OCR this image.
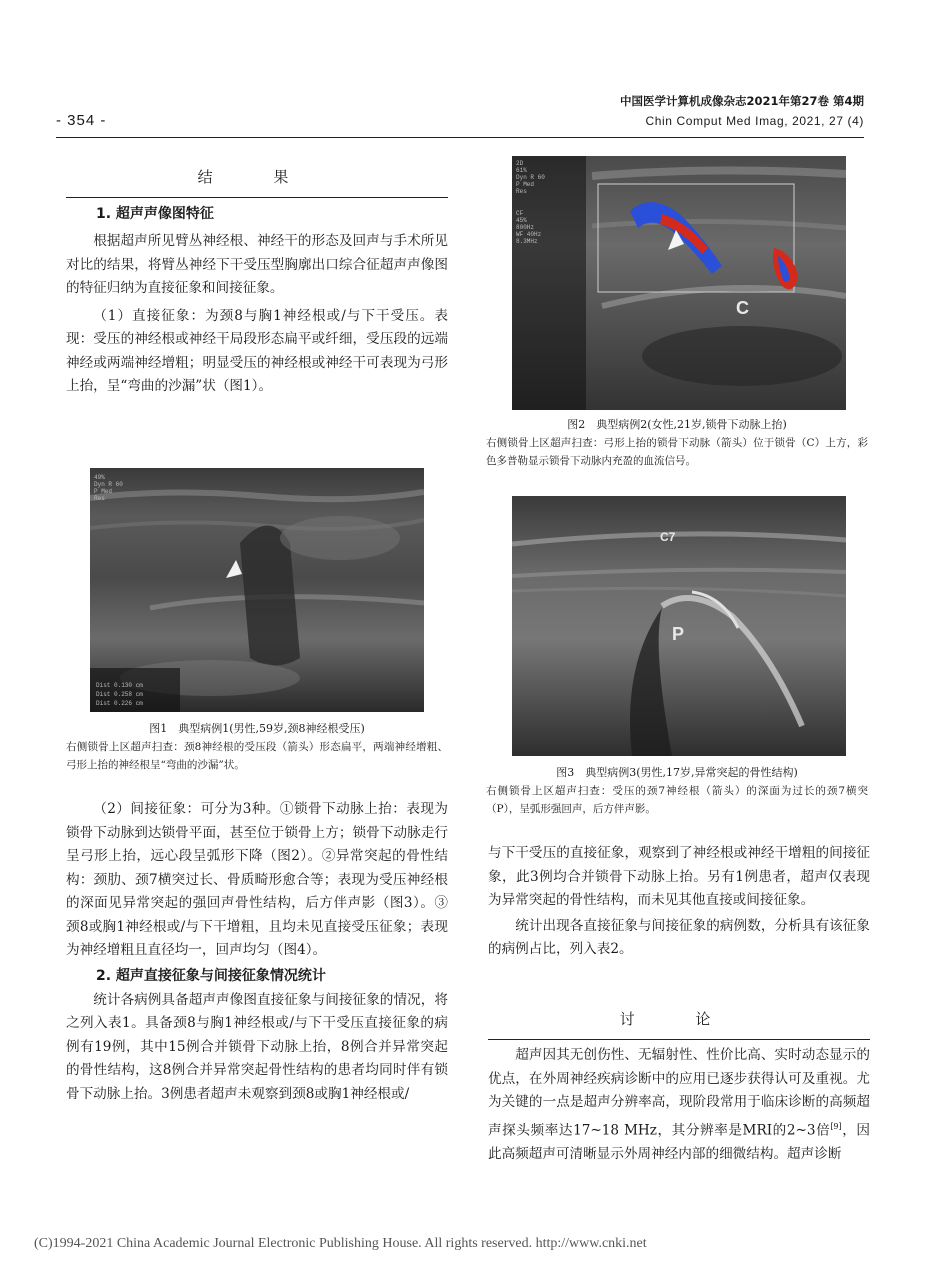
- 354 -
中国医学计算机成像杂志2021年第27卷 第4期
Chin Comput Med Imag, 2021, 27 (4)
结 果
1. 超声声像图特征

根据超声所见臂丛神经根、神经干的形态及回声与手术所见对比的结果，将臂丛神经下干受压型胸廓出口综合征超声声像图的特征归纳为直接征象和间接征象。

（1）直接征象：为颈8与胸1神经根或/与下干受压。表现：受压的神经根或神经干局段形态扁平或纤细，受压段的远端神经或两端神经增粗；明显受压的神经根或神经干可表现为弓形上抬，呈“弯曲的沙漏”状（图1）。

49%
Dyn R 60
P Med
Res
Dist 0.130 cm
Dist 0.258 cm
Dist 0.226 cm
图1　典型病例1(男性,59岁,颈8神经根受压)
右侧锁骨上区超声扫查：颈8神经根的受压段（箭头）形态扁平，两端神经增粗、弓形上抬的神经根呈“弯曲的沙漏”状。

（2）间接征象：可分为3种。①锁骨下动脉上抬：表现为锁骨下动脉到达锁骨平面，甚至位于锁骨上方；锁骨下动脉走行呈弓形上抬，远心段呈弧形下降（图2）。②异常突起的骨性结构：颈肋、颈7横突过长、骨质畸形愈合等；表现为受压神经根的深面见异常突起的强回声骨性结构，后方伴声影（图3）。③颈8或胸1神经根或/与下干增粗，且均未见直接受压征象；表现为神经增粗且直径均一，回声均匀（图4）。

2. 超声直接征象与间接征象情况统计

统计各病例具备超声声像图直接征象与间接征象的情况，将之列入表1。具备颈8与胸1神经根或/与下干受压直接征象的病例有19例，其中15例合并锁骨下动脉上抬，8例合并异常突起的骨性结构，这8例合并异常突起骨性结构的患者均同时伴有锁骨下动脉上抬。3例患者超声未观察到颈8或胸1神经根或/

2D
61%
Dyn R 60
P Med
Res
CF
45%
800Hz
WF 40Hz
8.3MHz
C
图2　典型病例2(女性,21岁,锁骨下动脉上抬)
右侧锁骨上区超声扫查：弓形上抬的锁骨下动脉（箭头）位于锁骨（C）上方，彩色多普勒显示锁骨下动脉内充盈的血流信号。
C7
P
图3　典型病例3(男性,17岁,异常突起的骨性结构)
右侧锁骨上区超声扫查：受压的颈7神经根（箭头）的深面为过长的颈7横突（P），呈弧形强回声，后方伴声影。

与下干受压的直接征象，观察到了神经根或神经干增粗的间接征象，此3例均合并锁骨下动脉上抬。另有1例患者，超声仅表现为异常突起的骨性结构，而未见其他直接或间接征象。

统计出现各直接征象与间接征象的病例数，分析具有该征象的病例占比，列入表2。

讨 论

超声因其无创伤性、无辐射性、性价比高、实时动态显示的优点，在外周神经疾病诊断中的应用已逐步获得认可及重视。尤为关键的一点是超声分辨率高，现阶段常用于临床诊断的高频超声探头频率达17~18 MHz，其分辨率是MRI的2~3倍[9]，因此高频超声可清晰显示外周神经内部的细微结构。超声诊断

(C)1994-2021 China Academic Journal Electronic Publishing House. All rights reserved. http://www.cnki.net
